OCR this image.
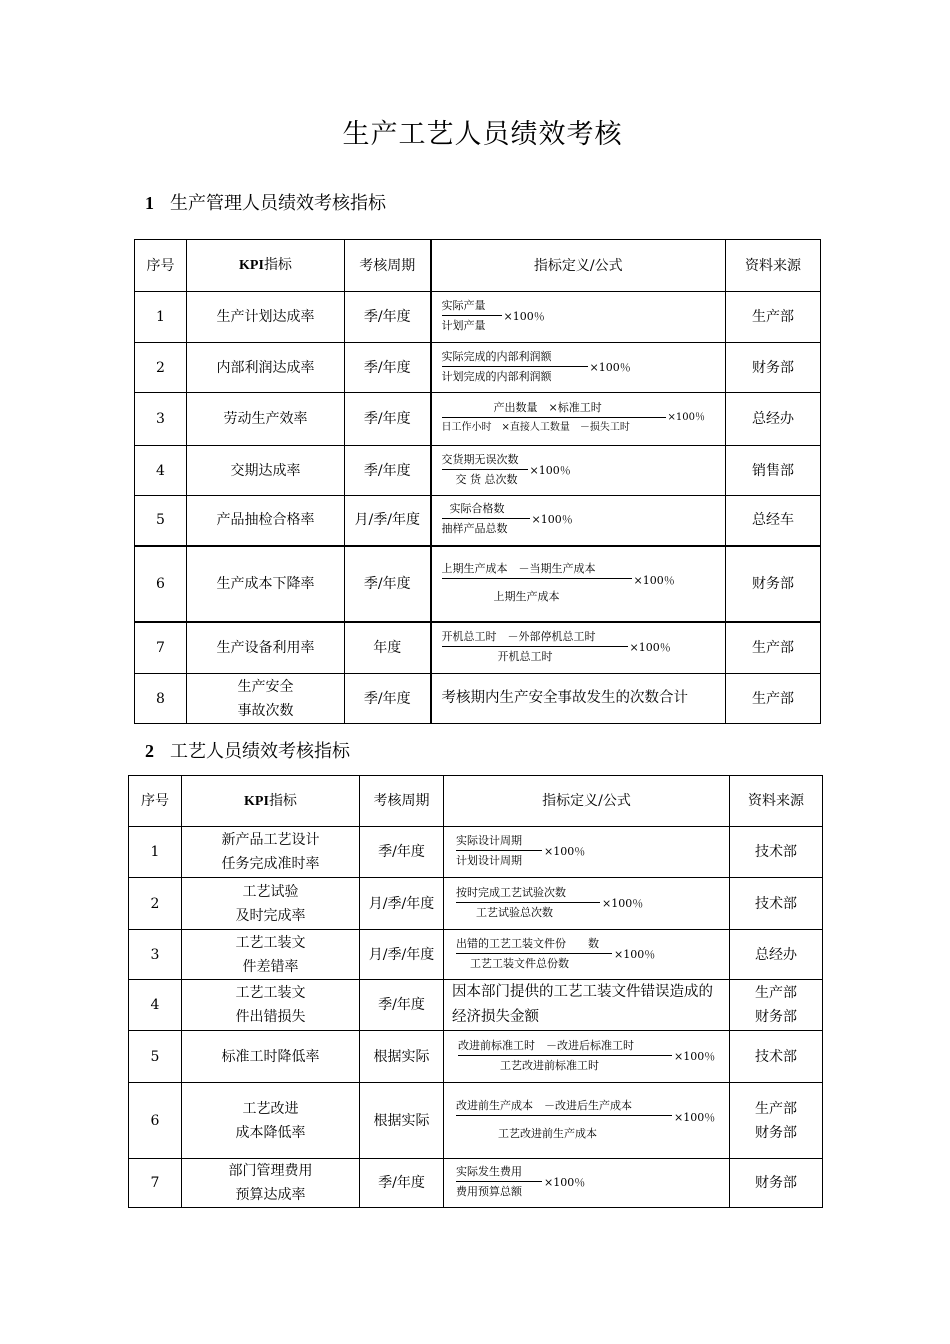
生产工艺人员绩效考核
1 生产管理人员绩效考核指标
序号	KPI指标	考核周期	指标定义/公式	资料来源
1	生产计划达成率	季/年度	实际产量
计划产量
×100％	生产部
2	内部利润达成率	季/年度	实际完成的内部利润额
计划完成的内部利润额
×100％	财务部
3	劳动生产效率	季/年度	产出数量　×标准工时
日工作小时　×直接人工数量　－损失工时
×100％	总经办
4	交期达成率	季/年度	交货期无误次数
交 货 总次数
×100％	销售部
5	产品抽检合格率	月/季/年度	实际合格数
抽样产品总数
×100％	总经车
6	生产成本下降率	季/年度	上期生产成本　－当期生产成本
上期生产成本
×100％	财务部
7	生产设备利用率	年度	开机总工时　－外部停机总工时
开机总工时
×100％	生产部
8	生产安全
事故次数	季/年度	考核期内生产安全事故发生的次数合计	生产部
2 工艺人员绩效考核指标
序号	KPI指标	考核周期	指标定义/公式	资料来源
1	新产品工艺设计
任务完成准时率	季/年度	实际设计周期
计划设计周期
×100％	技术部
2	工艺试验
及时完成率	月/季/年度	按时完成工艺试验次数
工艺试验总次数
×100％	技术部
3	工艺工装文
件差错率	月/季/年度	出错的工艺工装文件份　　数
工艺工装文件总份数
×100％	总经办
4	工艺工装文
件出错损失	季/年度	因本部门提供的工艺工装文件错误造成的
经济损失金额	生产部
财务部
5	标准工时降低率	根据实际	改进前标准工时　－改进后标准工时
工艺改进前标准工时
×100％	技术部
6	工艺改进
成本降低率	根据实际	改进前生产成本　－改进后生产成本
工艺改进前生产成本
×100％	生产部
财务部
7	部门管理费用
预算达成率	季/年度	实际发生费用
费用预算总额
×100％	财务部
